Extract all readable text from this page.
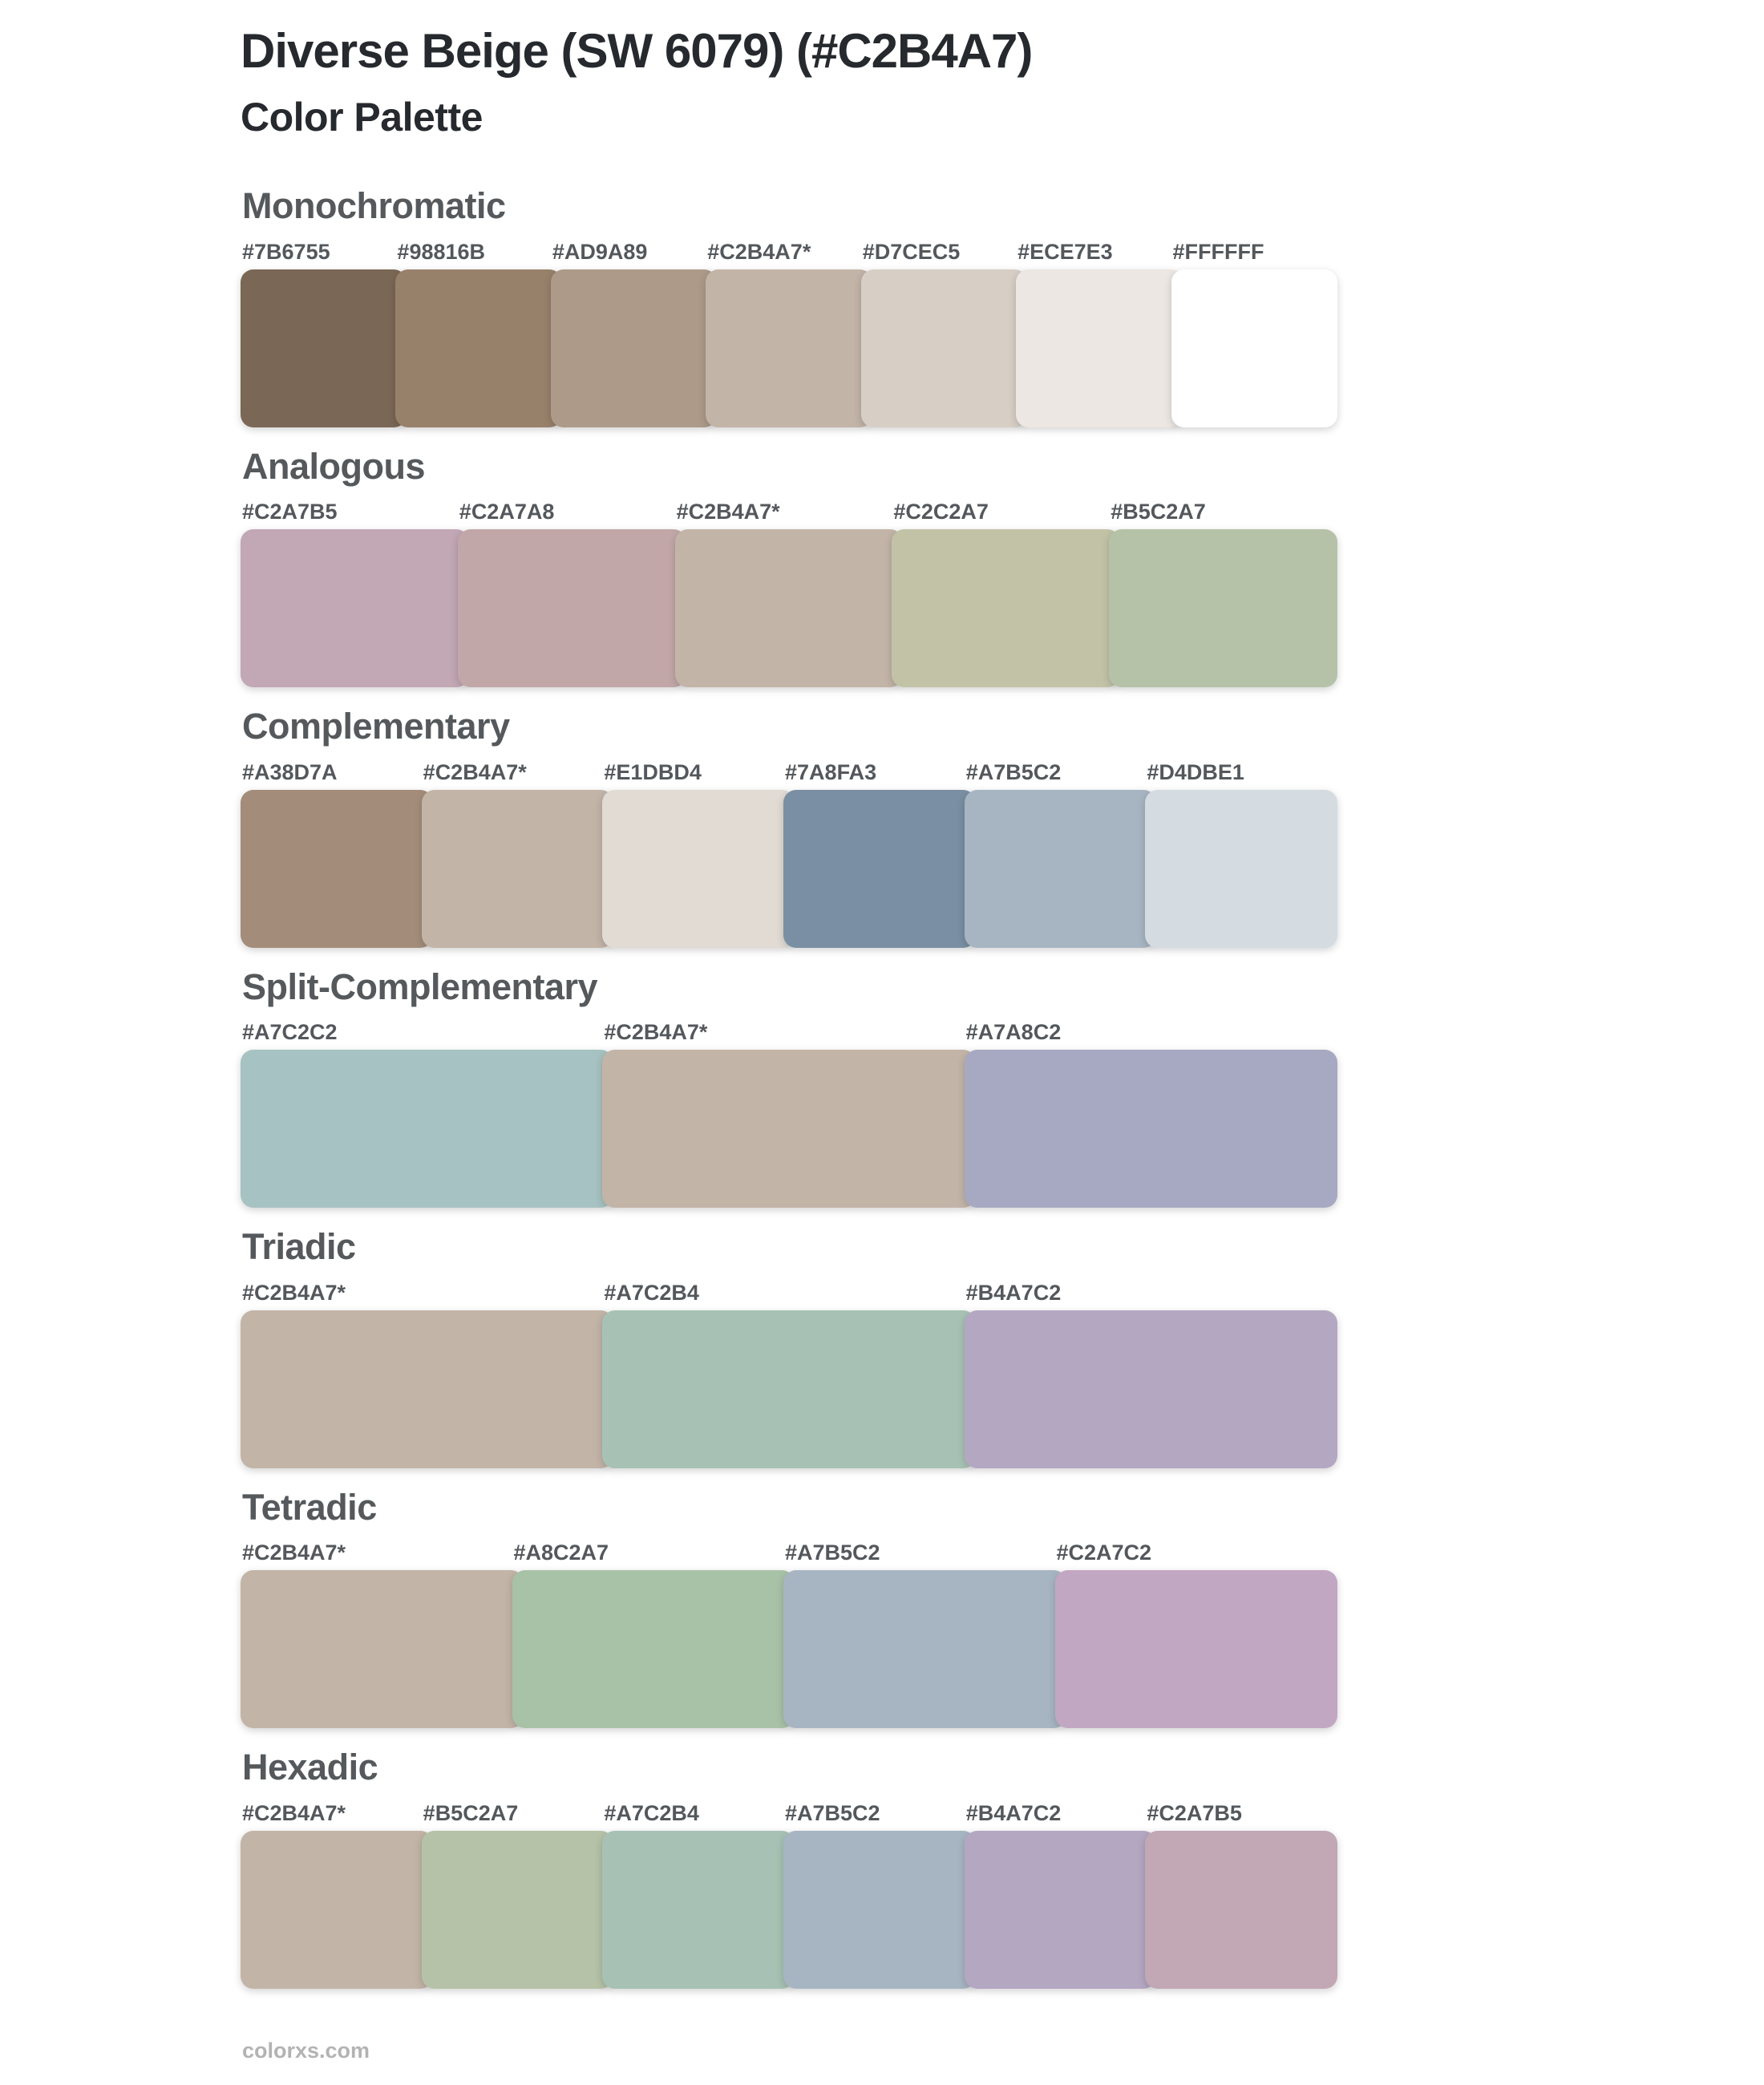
Diverse Beige (SW 6079) (#C2B4A7)
Color Palette
Monochromatic
#7B6755	#98816B	#AD9A89	#C2B4A7*	#D7CEC5	#ECE7E3	#FFFFFF
Analogous
#C2A7B5	#C2A7A8	#C2B4A7*	#C2C2A7	#B5C2A7
Complementary
#A38D7A	#C2B4A7*	#E1DBD4	#7A8FA3	#A7B5C2	#D4DBE1
Split-Complementary
#A7C2C2	#C2B4A7*	#A7A8C2
Triadic
#C2B4A7*	#A7C2B4	#B4A7C2
Tetradic
#C2B4A7*	#A8C2A7	#A7B5C2	#C2A7C2
Hexadic
#C2B4A7*	#B5C2A7	#A7C2B4	#A7B5C2	#B4A7C2	#C2A7B5
colorxs.com
